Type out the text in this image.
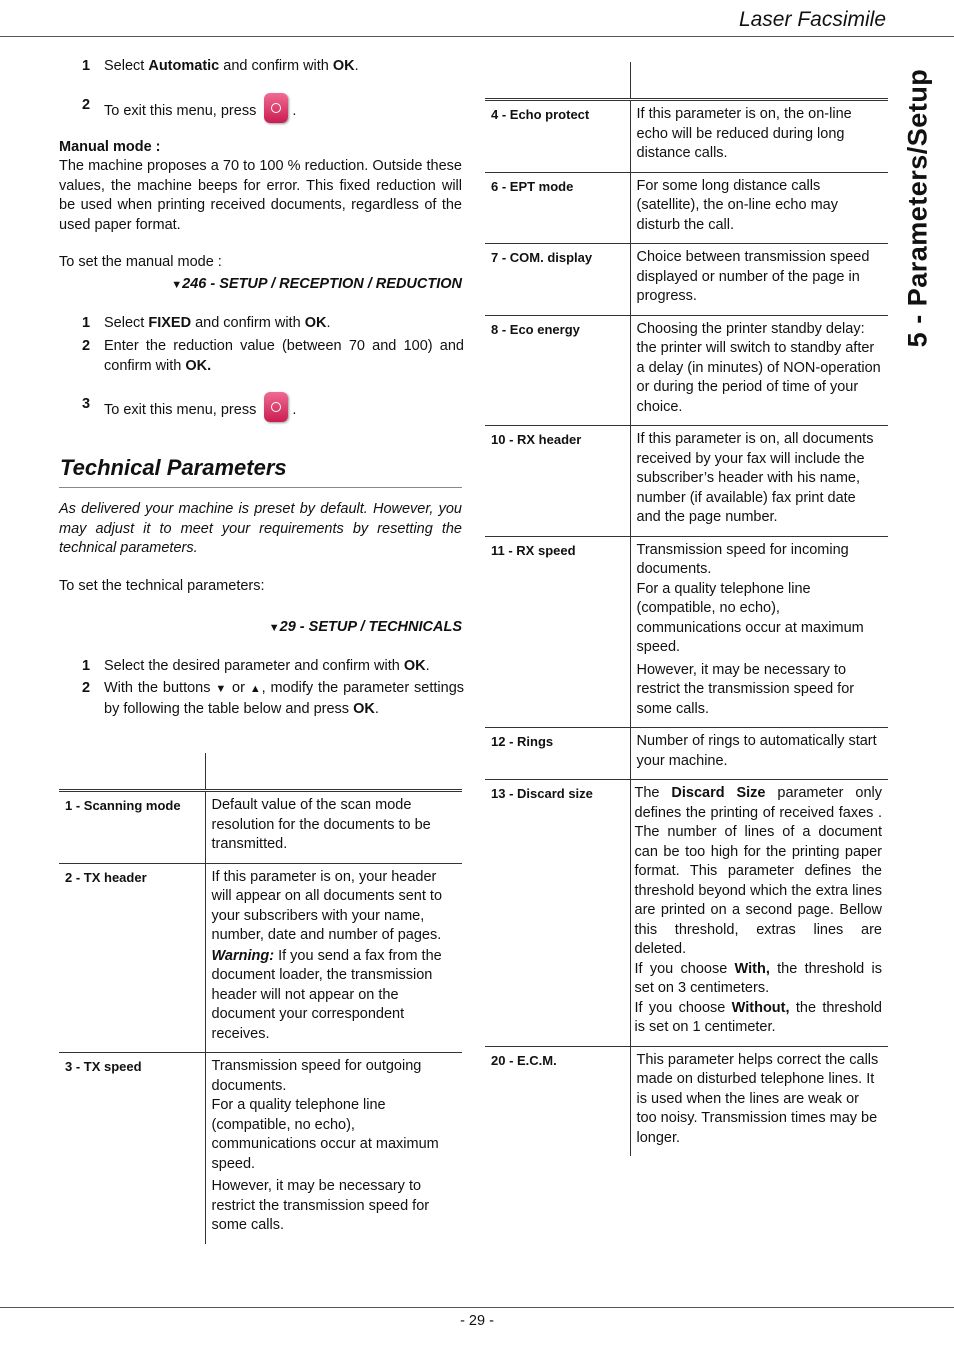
Laser Facsimile
5 - Parameters/Setup
1 Select Automatic and confirm with OK.
2 To exit this menu, press .
Manual mode :
The machine proposes a 70 to 100 % reduction. Outside these values, the machine beeps for error. This fixed reduction will be used when printing received documents, regardless of the used paper format.
To set the manual mode :
▼246 - SETUP / RECEPTION / REDUCTION
1 Select FIXED and confirm with OK.
2 Enter the reduction value (between 70 and 100) and confirm with OK.
3 To exit this menu, press .
Technical Parameters
As delivered your machine is preset by default. However, you may adjust it to meet your requirements by resetting the technical parameters.
To set the technical parameters:
▼29 - SETUP / TECHNICALS
1 Select the desired parameter and confirm with OK.
2 With the buttons ▼ or ▲, modify the parameter settings by following the table below and press OK.

1 - Scanning mode	Default value of the scan mode resolution for the documents to be transmitted.
2 - TX header	If this parameter is on, your header will appear on all documents sent to your subscribers with your name, number, date and number of pages.

Warning: If you send a fax from the document loader, the transmission header will not appear on the document your correspondent receives.

3 - TX speed	Transmission speed for outgoing documents.
For a quality telephone line (compatible, no echo), communications occur at maximum speed.

However, it may be necessary to restrict the transmission speed for some calls.

4 - Echo protect	If this parameter is on, the on-line echo will be reduced during long distance calls.
6 - EPT mode	For some long distance calls (satellite), the on-line echo may disturb the call.
7 - COM. display	Choice between transmission speed displayed or number of the page in progress.
8 - Eco energy	Choosing the printer standby delay: the printer will switch to standby after a delay (in minutes) of NON-operation or during the period of time of your choice.
10 - RX header	If this parameter is on, all documents received by your fax will include the subscriber’s header with his name, number (if available) fax print date and the page number.
11 - RX speed	Transmission speed for incoming documents.
For a quality telephone line (compatible, no echo), communications occur at maximum speed.

However, it may be necessary to restrict the transmission speed for some calls.

12 - Rings	Number of rings to automatically start your machine.
13 - Discard size	The Discard Size parameter only defines the printing of received faxes . The number of lines of a document can be too high for the printing paper format. This parameter defines the threshold beyond which the extra lines are printed on a second page. Bellow this threshold, extras lines are deleted.

If you choose With, the threshold is set on 3 centimeters.

If you choose Without, the threshold is set on 1 centimeter.

20 - E.C.M.	This parameter helps correct the calls made on disturbed telephone lines. It is used when the lines are weak or too noisy. Transmission times may be longer.
- 29 -
